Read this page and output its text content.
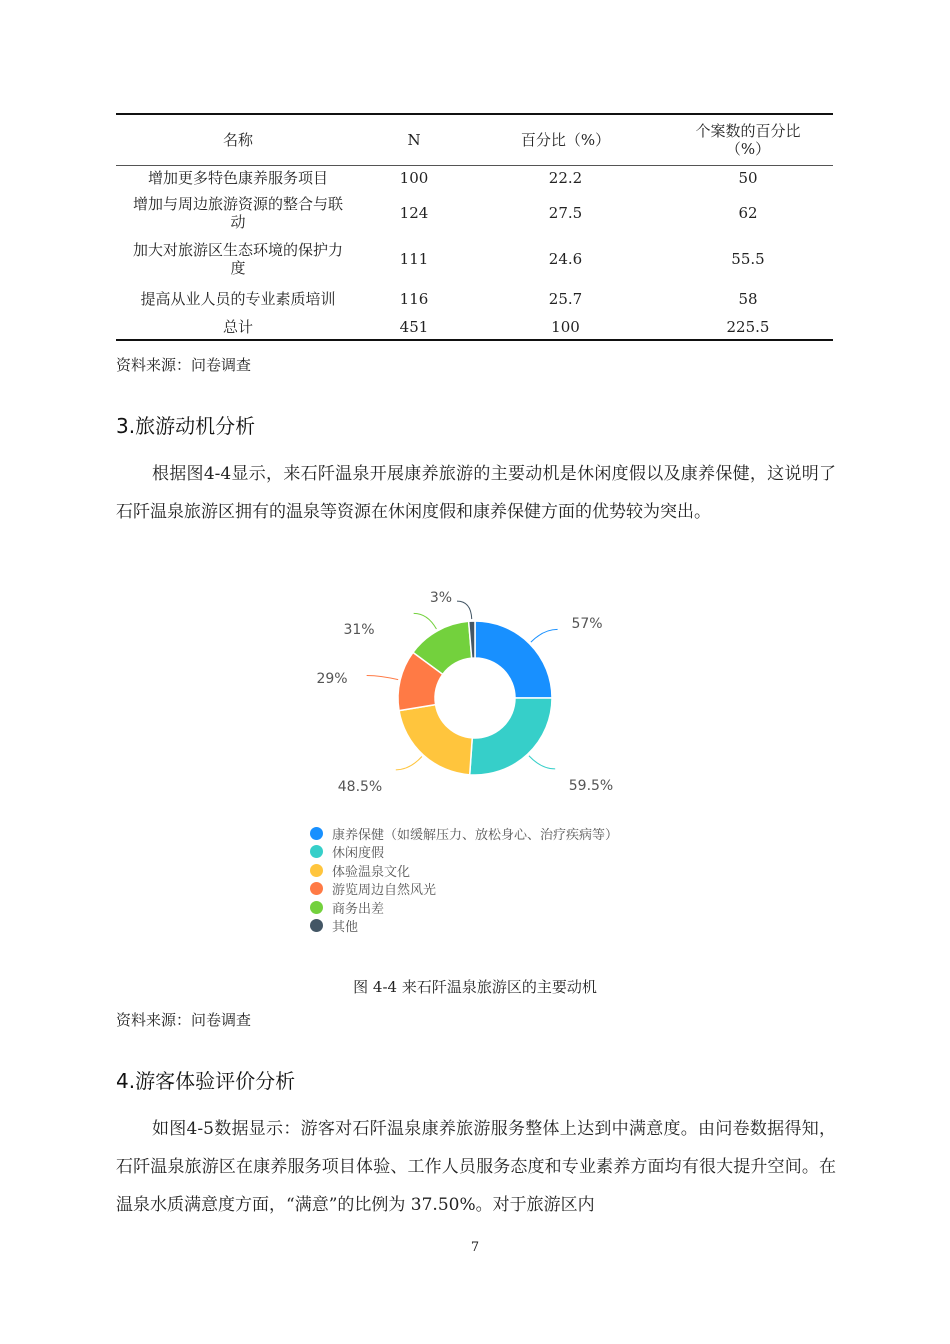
名称	N	百分比（%）	个案数的百分比（%）
增加更多特色康养服务项目	100	22.2	50
增加与周边旅游资源的整合与联动	124	27.5	62
加大对旅游区生态环境的保护力度	111	24.6	55.5
提高从业人员的专业素质培训	116	25.7	58
总计	451	100	225.5
资料来源：问卷调查
3.旅游动机分析

根据图4-4显示，来石阡温泉开展康养旅游的主要动机是休闲度假以及康养保健，这说明了石阡温泉旅游区拥有的温泉等资源在休闲度假和康养保健方面的优势较为突出。

57%
59.5%
48.5%
29%
31%
3%
康养保健（如缓解压力、放松身心、治疗疾病等）
休闲度假
体验温泉文化
游览周边自然风光
商务出差
其他
图 4-4 来石阡温泉旅游区的主要动机
资料来源：问卷调查
4.游客体验评价分析

如图4-5数据显示：游客对石阡温泉康养旅游服务整体上达到中满意度。由问卷数据得知，石阡温泉旅游区在康养服务项目体验、工作人员服务态度和专业素养方面均有很大提升空间。在温泉水质满意度方面，“满意”的比例为 37.50%。对于旅游区内

7
